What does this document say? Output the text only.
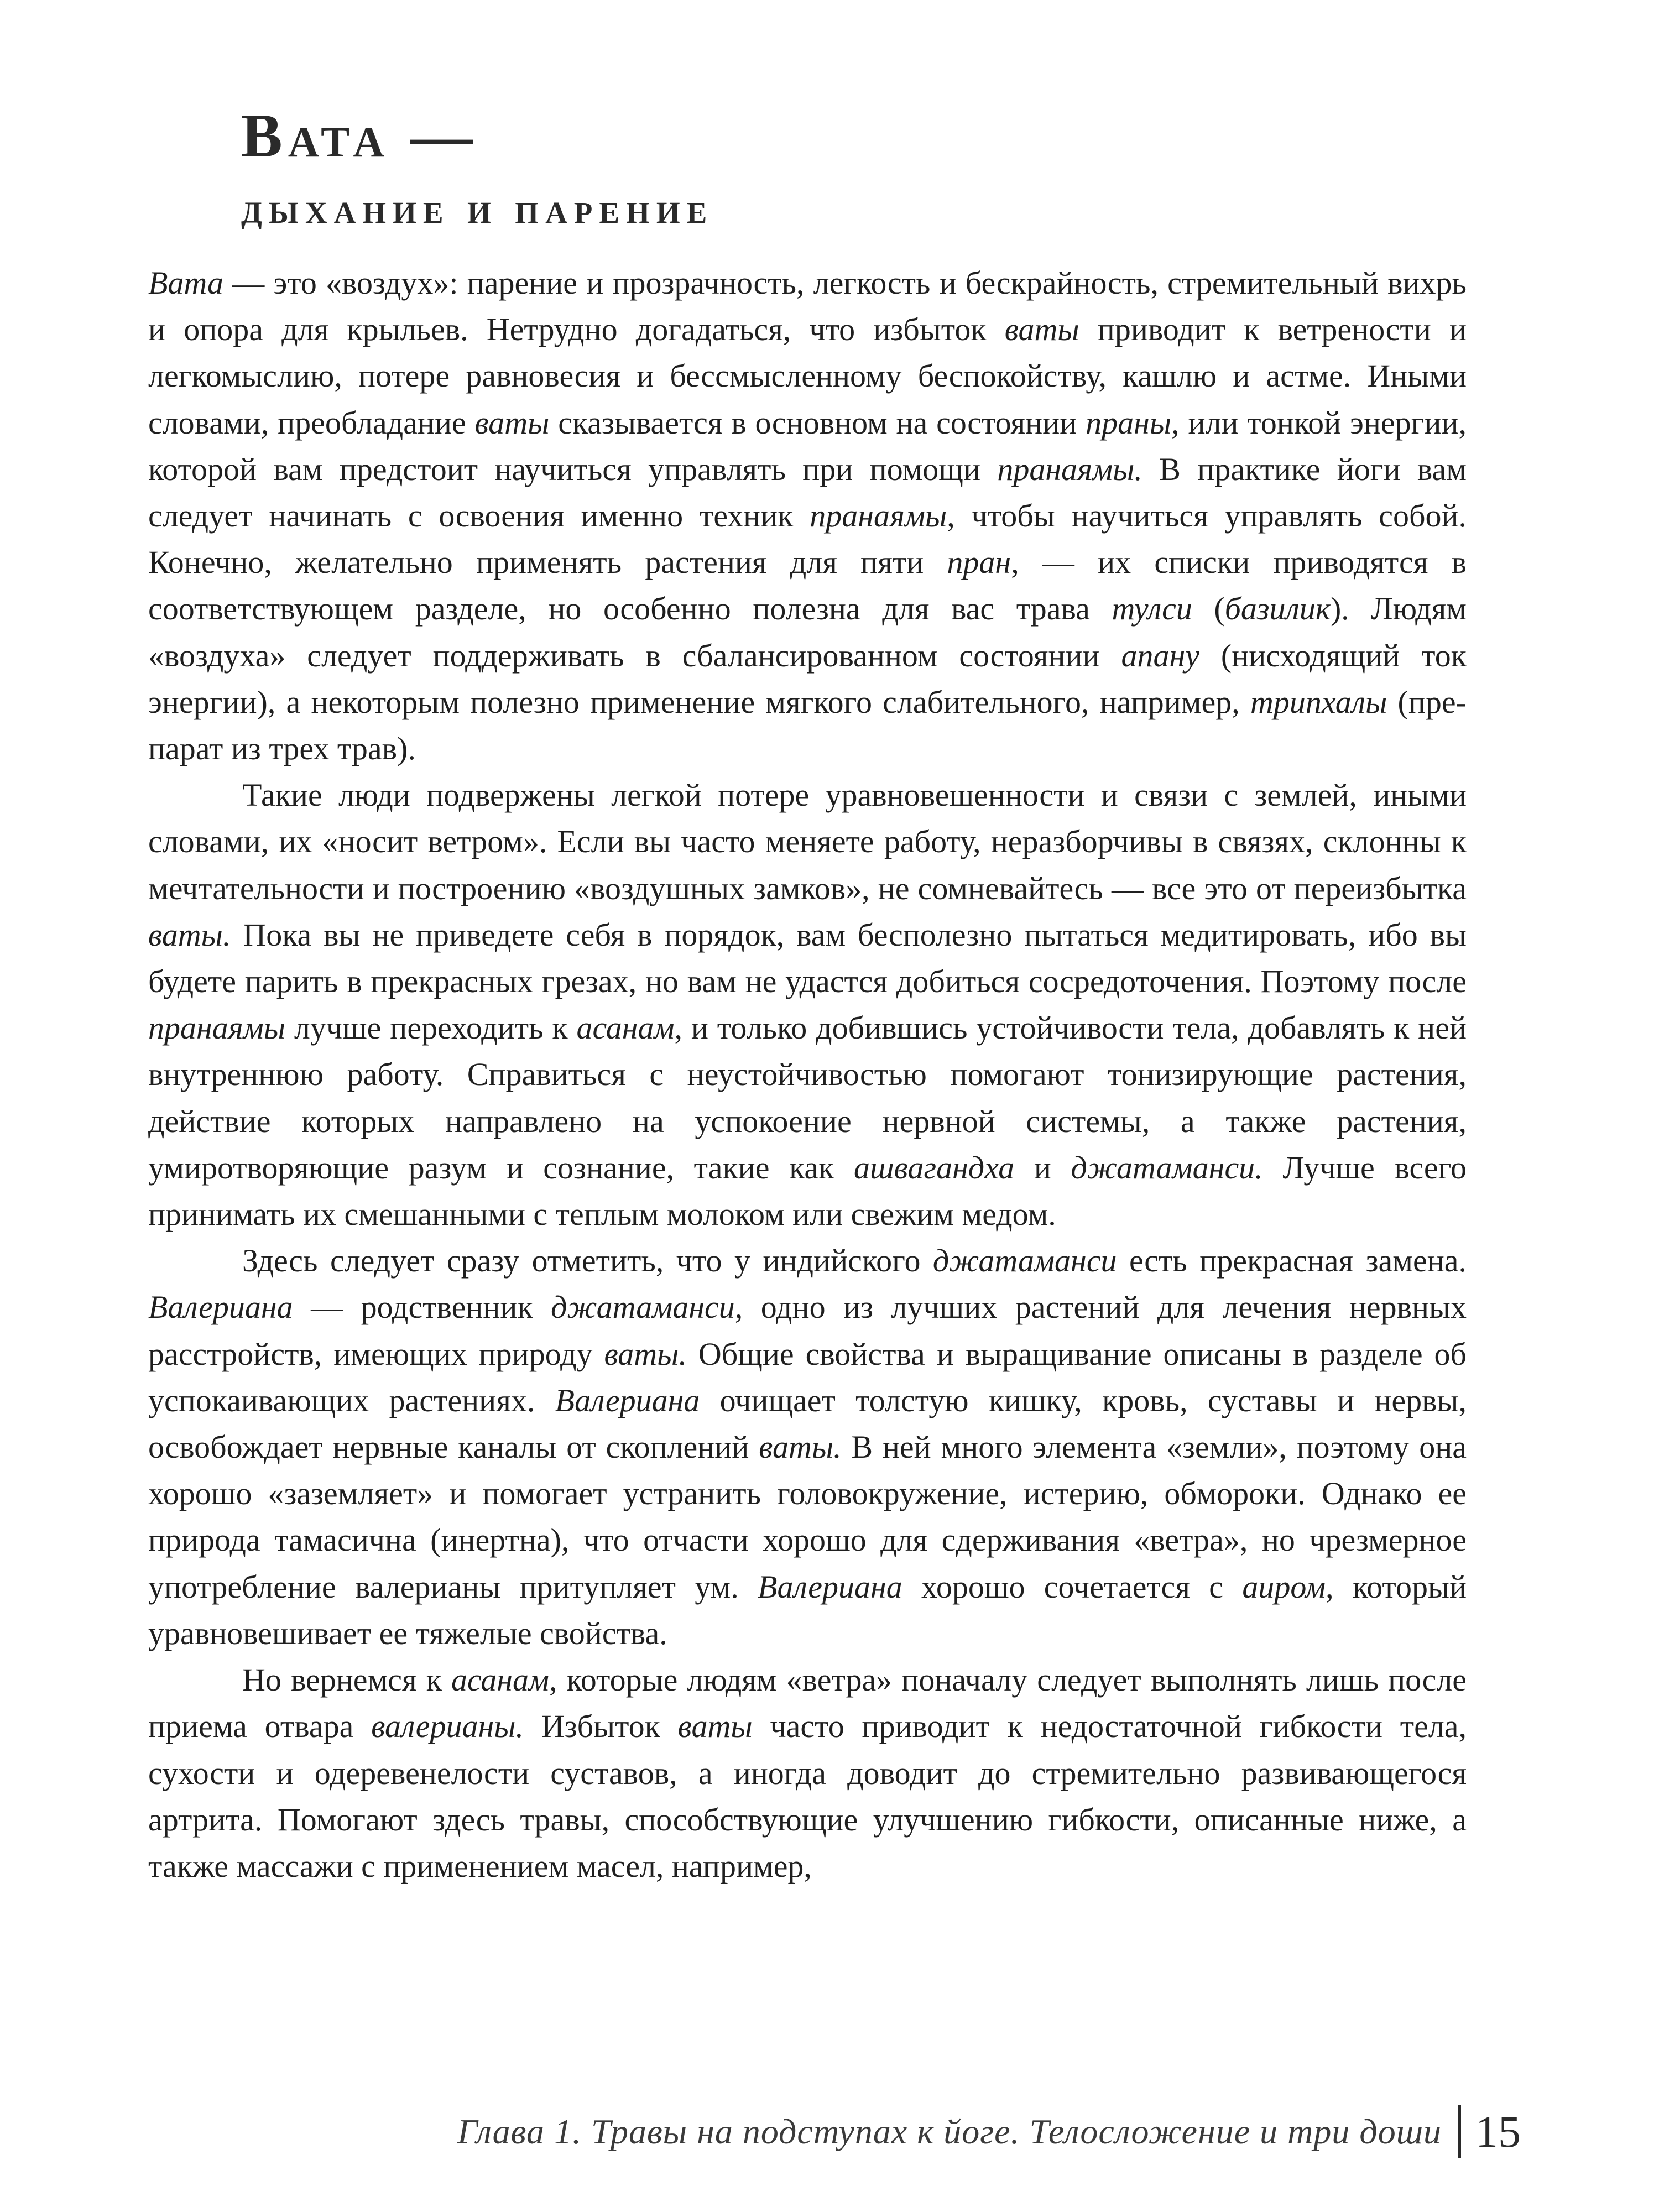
Вата —
дыхание и парение

Вата — это «воздух»: парение и прозрачность, легкость и бескрайность, стремительный вихрь и опора для крыльев. Нетрудно догадаться, что избыток ваты приводит к ветрености и легкомыслию, потере равновесия и бессмысленному беспокойству, кашлю и астме. Иными словами, преобладание ваты сказывается в основном на состоянии праны, или тонкой энергии, которой вам предстоит научиться управлять при помощи пранаямы. В практике йоги вам следует начинать с освоения именно техник пранаямы, чтобы научиться управлять собой. Конечно, желательно применять растения для пяти пран, — их списки приводятся в соответствующем разделе, но особенно полезна для вас трава тулси (базилик). Людям «воздуха» следует поддерживать в сбалансированном состоянии апану (нисходящий ток энергии), а некоторым полезно применение мягкого слабительного, например, трипхалы (препарат из трех трав).

Такие люди подвержены легкой потере уравновешенности и связи с землей, иными словами, их «носит ветром». Если вы часто меняете работу, неразборчивы в связях, склонны к мечтательности и построению «воздушных замков», не сомневайтесь — все это от переизбытка ваты. Пока вы не приведете себя в порядок, вам бесполезно пытаться медитировать, ибо вы будете парить в прекрасных грезах, но вам не удастся добиться сосредоточения. Поэтому после пранаямы лучше переходить к асанам, и только добившись устойчивости тела, добавлять к ней внутреннюю работу. Справиться с неустойчивостью помогают тонизирующие растения, действие которых направлено на успокоение нервной системы, а также растения, умиротворяющие разум и сознание, такие как ашвагандха и джатаманси. Лучше всего принимать их смешанными с теплым молоком или свежим медом.

Здесь следует сразу отметить, что у индийского джатаманси есть прекрасная замена. Валериана — родственник джатаманси, одно из лучших растений для лечения нервных расстройств, имеющих природу ваты. Общие свойства и выращивание описаны в разделе об успокаивающих растениях. Валериана очищает толстую кишку, кровь, суставы и нервы, освобождает нервные каналы от скоплений ваты. В ней много элемента «земли», поэтому она хорошо «заземляет» и помогает устранить головокружение, истерию, обмороки. Однако ее природа тамасична (инертна), что отчасти хорошо для сдерживания «ветра», но чрезмерное употребление валерианы притупляет ум. Валериана хорошо сочетается с аиром, который уравновешивает ее тяжелые свойства.

Но вернемся к асанам, которые людям «ветра» поначалу следует выполнять лишь после приема отвара валерианы. Избыток ваты часто приводит к недостаточной гибкости тела, сухости и одеревенелости суставов, а иногда доводит до стремительно развивающегося артрита. Помогают здесь травы, способствующие улучшению гибкости, описанные ниже, а также массажи с применением масел, например,

Глава 1. Травы на подступах к йоге. Телосложение и три доши 15
